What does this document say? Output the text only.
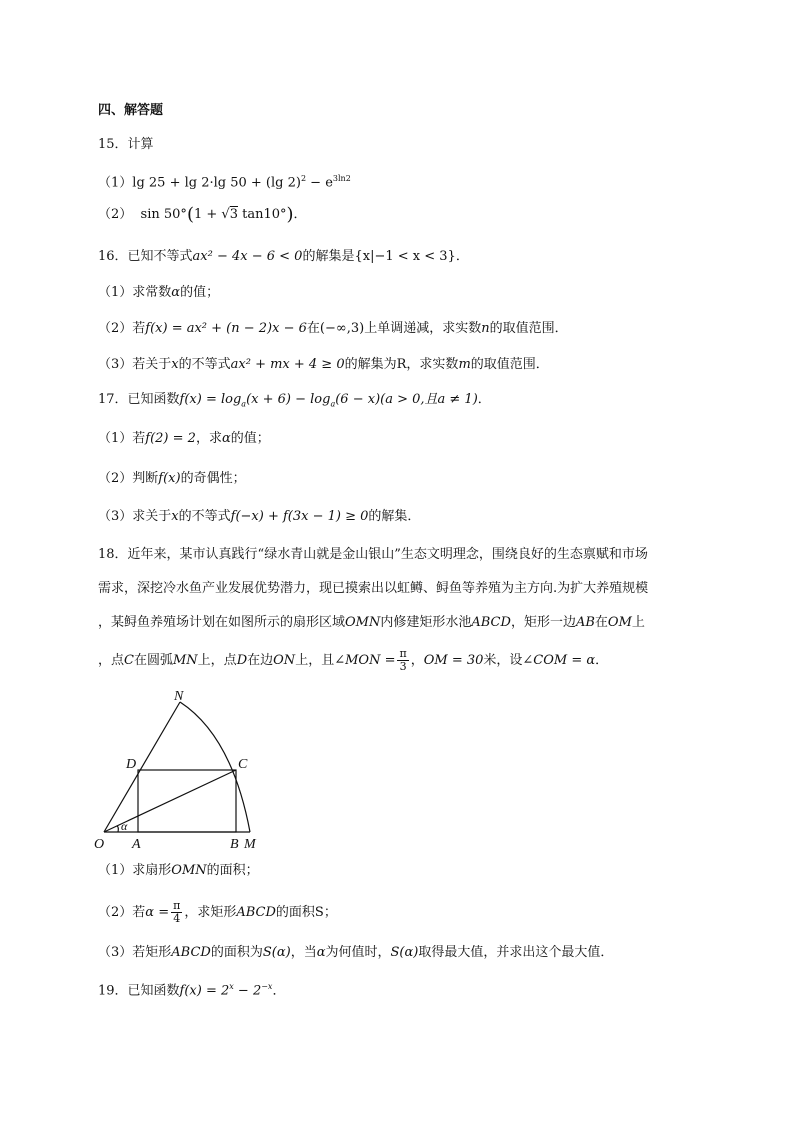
四、解答题
15．计算
（1）lg 25 + lg 2·lg 50 + (lg $2)^2 - e^{3ln2}$
（2） sin 50°(1 + √3 tan10°)．
16．已知不等式ax² − 4x − 6 < 0的解集是{x|−1 < x < 3}．
（1）求常数α的值；
（2）若f(x) = ax² + (n − 2)x − 6在(−∞,3)上单调递减，求实数n的取值范围．
（3）若关于x的不等式ax² + mx + 4 ≥ 0的解集为R，求实数m的取值范围．
17．已知函数$f(x) = \log_a(x + 6) - \log_a(6 - x)(a > 0$,且a ≠ 1)．
（1）若f(2) = 2，求α的值；
（2）判断f(x)的奇偶性；
（3）求关于x的不等式f(−x) + f(3x − 1) ≥ 0的解集．
18．近年来，某市认真践行“绿水青山就是金山银山”生态文明理念，围绕良好的生态禀赋和市场
需求，深挖冷水鱼产业发展优势潜力，现已摸索出以虹鳟、鲟鱼等养殖为主方向.为扩大养殖规模
，某鲟鱼养殖场计划在如图所示的扇形区域OMN内修建矩形水池ABCD，矩形一边AB在OM上
，点C在圆弧MN上，点D在边ON上，且∠MON = $\frac{\pi}{3}$ ，OM = 30米，设∠COM = α．
N
D	C
O A	B M
α
（1）求扇形OMN的面积；
（2）若$\alpha = \frac{\pi}{4}$ ，求矩形ABCD的面积S；
（3）若矩形ABCD的面积为S(α)，当α为何值时，S(α)取得最大值，并求出这个最大值．
19．已知函数$f(x) = 2^x - 2^{-x}$．
